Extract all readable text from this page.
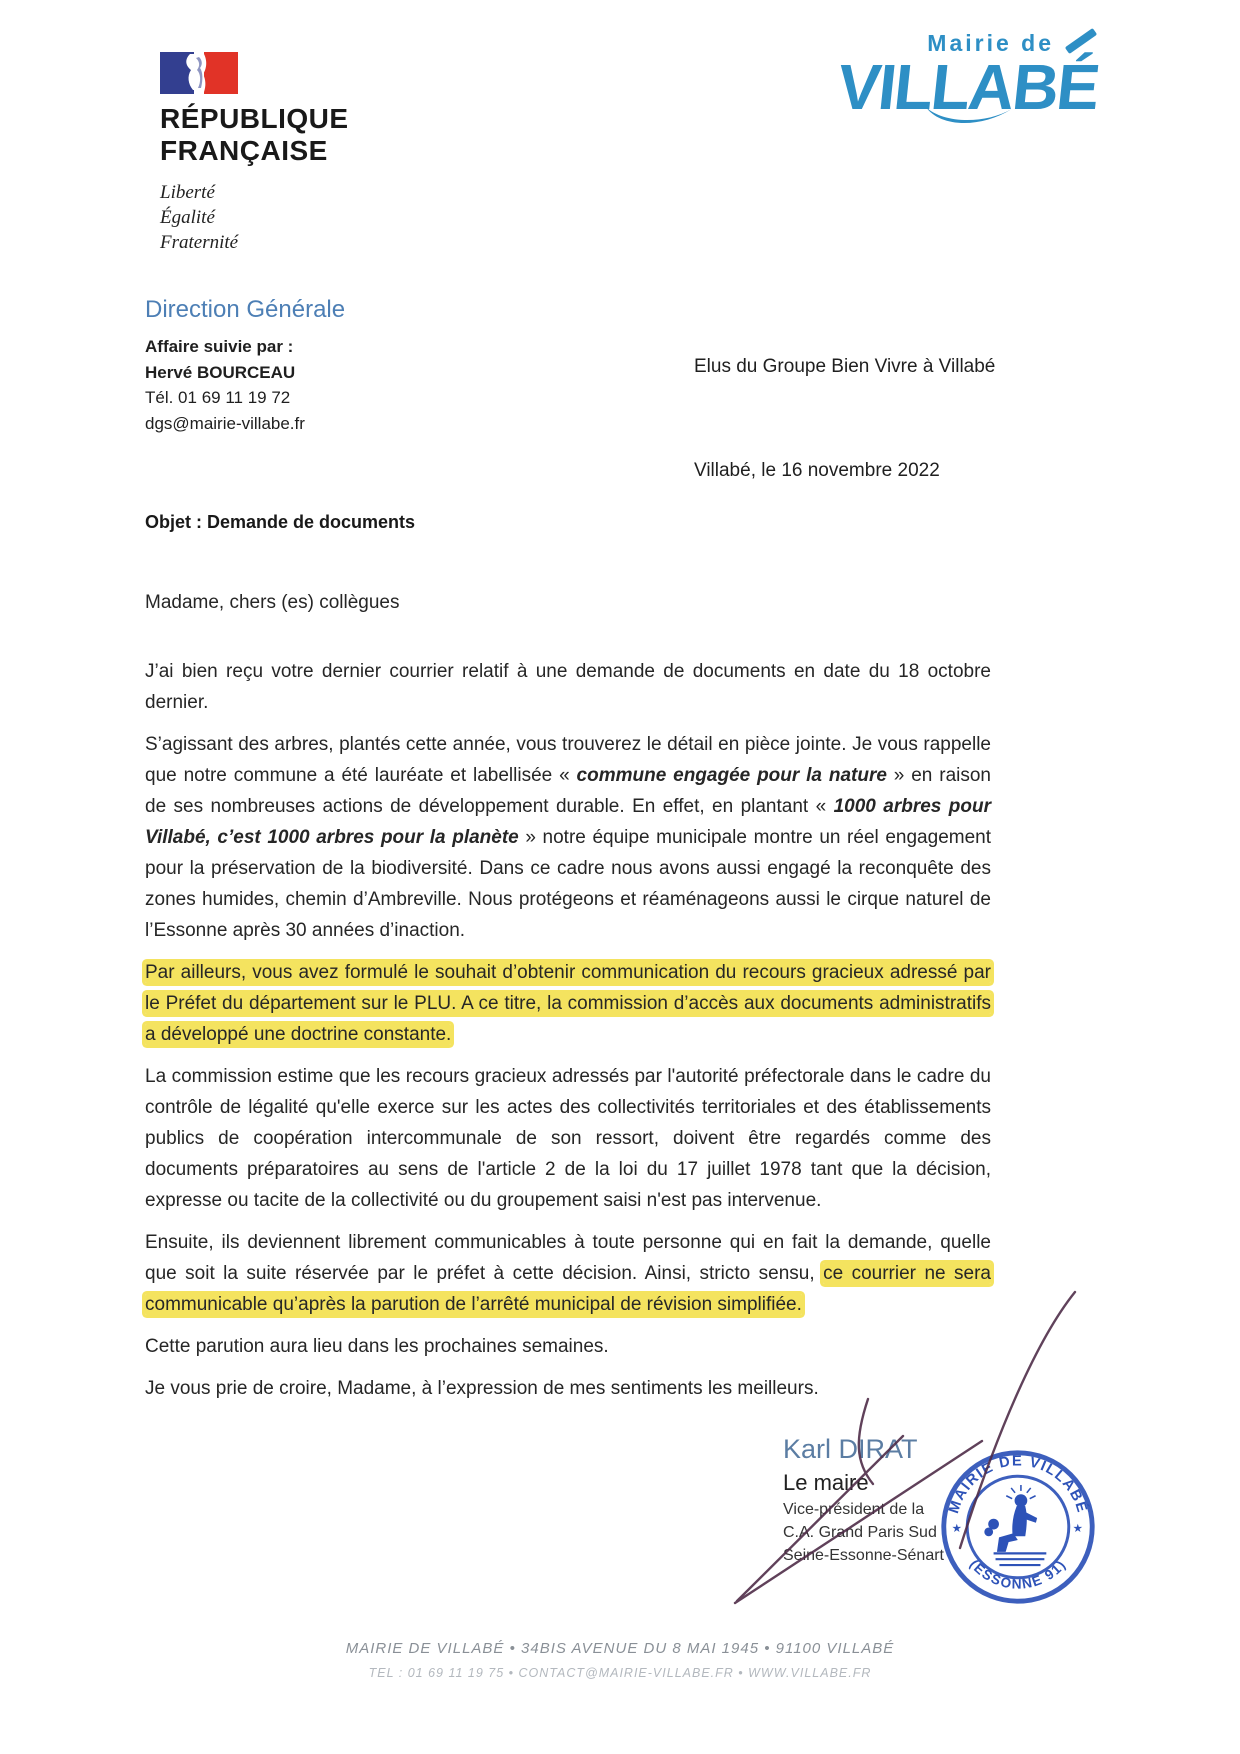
RÉPUBLIQUE
FRANÇAISE
Liberté
Égalité
Fraternité
Mairie de
VILLABÉ
Direction Générale
Affaire suivie par :
Hervé BOURCEAU
Tél. 01 69 11 19 72
dgs@mairie-villabe.fr
Elus du Groupe Bien Vivre à Villabé
Villabé, le 16 novembre 2022
Objet : Demande de documents
Madame, chers (es) collègues

J’ai bien reçu votre dernier courrier relatif à une demande de documents en date du 18 octobre dernier.

S’agissant des arbres, plantés cette année, vous trouverez le détail en pièce jointe. Je vous rappelle que notre commune a été lauréate et labellisée « commune engagée pour la nature » en raison de ses nombreuses actions de développement durable. En effet, en plantant « 1000 arbres pour Villabé, c’est 1000 arbres pour la planète » notre équipe municipale montre un réel engagement pour la préservation de la biodiversité. Dans ce cadre nous avons aussi engagé la reconquête des zones humides, chemin d’Ambreville. Nous protégeons et réaménageons aussi le cirque naturel de l’Essonne après 30 années d’inaction.

Par ailleurs, vous avez formulé le souhait d’obtenir communication du recours gracieux adressé par le Préfet du département sur le PLU. A ce titre, la commission d’accès aux documents administratifs a développé une doctrine constante.

La commission estime que les recours gracieux adressés par l'autorité préfectorale dans le cadre du contrôle de légalité qu'elle exerce sur les actes des collectivités territoriales et des établissements publics de coopération intercommunale de son ressort, doivent être regardés comme des documents préparatoires au sens de l'article 2 de la loi du 17 juillet 1978 tant que la décision, expresse ou tacite de la collectivité ou du groupement saisi n'est pas intervenue.

Ensuite, ils deviennent librement communicables à toute personne qui en fait la demande, quelle que soit la suite réservée par le préfet à cette décision. Ainsi, stricto sensu, ce courrier ne sera communicable qu’après la parution de l’arrêté municipal de révision simplifiée.

Cette parution aura lieu dans les prochaines semaines.

Je vous prie de croire, Madame, à l’expression de mes sentiments les meilleurs.

Karl DIRAT
Le maire
Vice-président de la
C.A. Grand Paris Sud
Seine-Essonne-Sénart
MAIRIE DE VILLABÉ
(ESSONNE 91)
★	★
MAIRIE DE VILLABÉ • 34BIS AVENUE DU 8 MAI 1945 • 91100 VILLABÉ
TEL : 01 69 11 19 75 • CONTACT@MAIRIE-VILLABE.FR • WWW.VILLABE.FR
